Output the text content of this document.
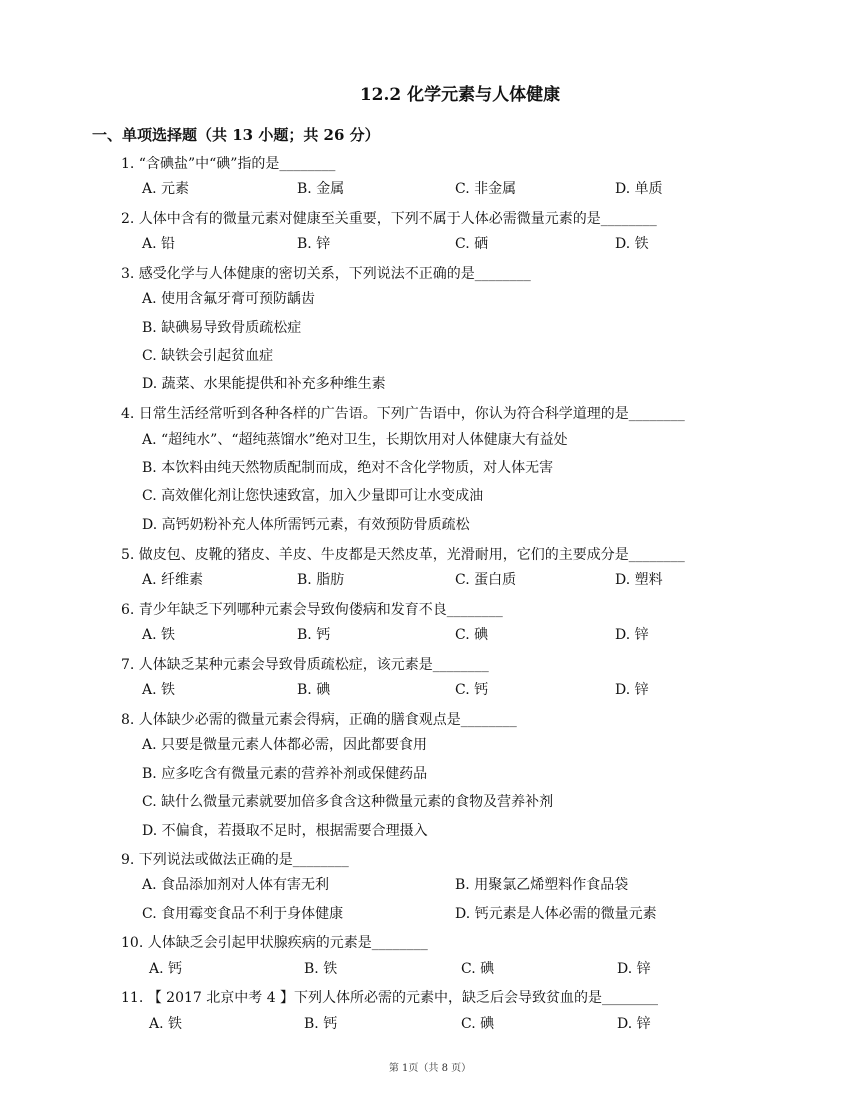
12.2 化学元素与人体健康
一、单项选择题（共 13 小题；共 26 分）
1. “含碘盐”中“碘”指的是________
A. 元素	B. 金属	C. 非金属	D. 单质
2. 人体中含有的微量元素对健康至关重要，下列不属于人体必需微量元素的是________
A. 铅	B. 锌	C. 硒	D. 铁
3. 感受化学与人体健康的密切关系，下列说法不正确的是________
A. 使用含氟牙膏可预防龋齿
B. 缺碘易导致骨质疏松症
C. 缺铁会引起贫血症
D. 蔬菜、水果能提供和补充多种维生素
4. 日常生活经常听到各种各样的广告语。下列广告语中，你认为符合科学道理的是________
A. “超纯水”、“超纯蒸馏水”绝对卫生，长期饮用对人体健康大有益处
B. 本饮料由纯天然物质配制而成，绝对不含化学物质，对人体无害
C. 高效催化剂让您快速致富，加入少量即可让水变成油
D. 高钙奶粉补充人体所需钙元素，有效预防骨质疏松
5. 做皮包、皮靴的猪皮、羊皮、牛皮都是天然皮革，光滑耐用，它们的主要成分是________
A. 纤维素	B. 脂肪	C. 蛋白质	D. 塑料
6. 青少年缺乏下列哪种元素会导致佝偻病和发育不良________
A. 铁	B. 钙	C. 碘	D. 锌
7. 人体缺乏某种元素会导致骨质疏松症，该元素是________
A. 铁	B. 碘	C. 钙	D. 锌
8. 人体缺少必需的微量元素会得病，正确的膳食观点是________
A. 只要是微量元素人体都必需，因此都要食用
B. 应多吃含有微量元素的营养补剂或保健药品
C. 缺什么微量元素就要加倍多食含这种微量元素的食物及营养补剂
D. 不偏食，若摄取不足时，根据需要合理摄入
9. 下列说法或做法正确的是________
A. 食品添加剂对人体有害无利	B. 用聚氯乙烯塑料作食品袋
C. 食用霉变食品不利于身体健康	D. 钙元素是人体必需的微量元素
10. 人体缺乏会引起甲状腺疾病的元素是________
A. 钙	B. 铁	C. 碘	D. 锌
11. 【 2017 北京中考 4 】下列人体所必需的元素中，缺乏后会导致贫血的是________
A. 铁	B. 钙	C. 碘	D. 锌
第 1页（共 8 页）
